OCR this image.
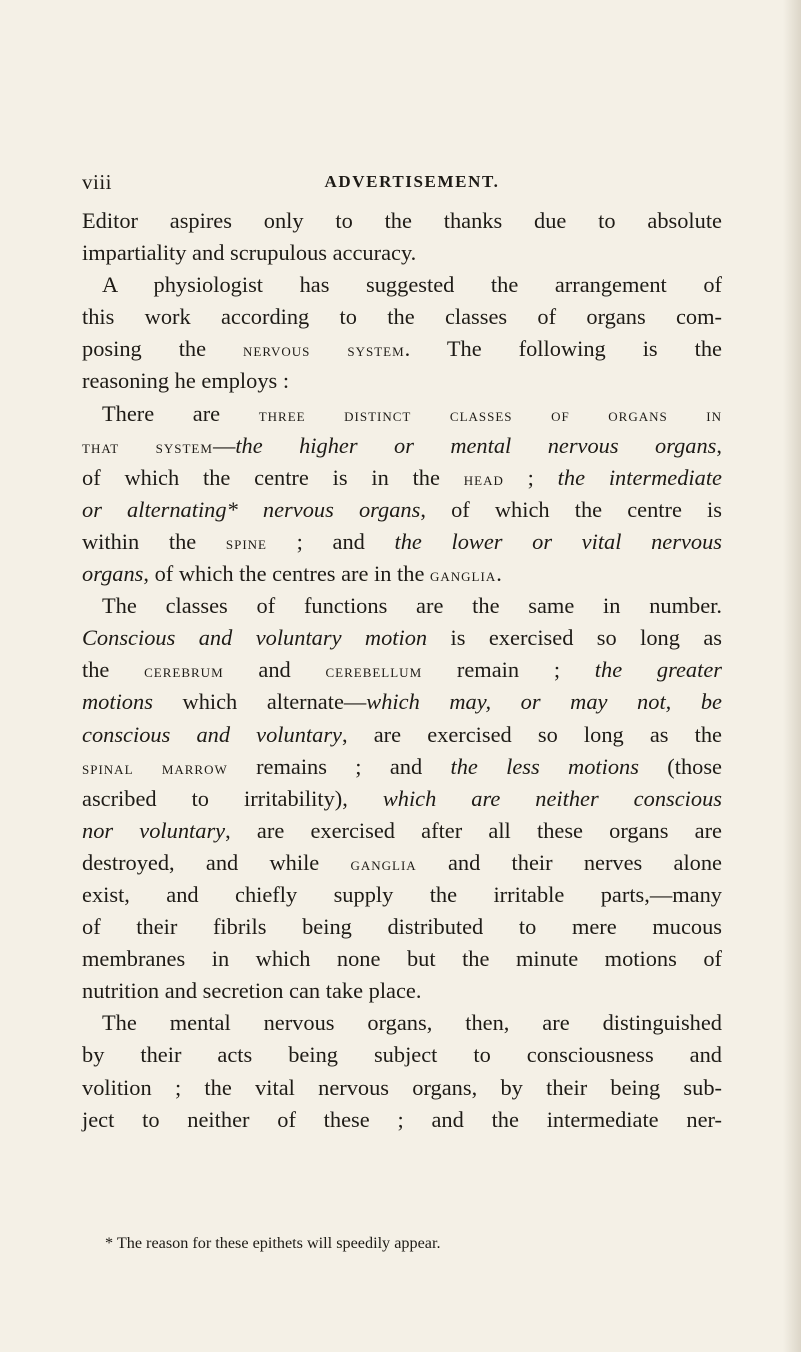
viii	ADVERTISEMENT.
Editor aspires only to the thanks due to absolute
impartiality and scrupulous accuracy.
A physiologist has suggested the arrangement of
this work according to the classes of organs com-
posing the nervous system. The following is the
reasoning he employs :
There are three distinct classes of organs in
that system—the higher or mental nervous organs,
of which the centre is in the head ; the intermediate
or alternating* nervous organs, of which the centre is
within the spine ; and the lower or vital nervous
organs, of which the centres are in the ganglia.
The classes of functions are the same in number.
Conscious and voluntary motion is exercised so long as
the cerebrum and cerebellum remain ; the greater
motions which alternate—which may, or may not, be
conscious and voluntary, are exercised so long as the
spinal marrow remains ; and the less motions (those
ascribed to irritability), which are neither conscious
nor voluntary, are exercised after all these organs are
destroyed, and while ganglia and their nerves alone
exist, and chiefly supply the irritable parts,—many
of their fibrils being distributed to mere mucous
membranes in which none but the minute motions of
nutrition and secretion can take place.
The mental nervous organs, then, are distinguished
by their acts being subject to consciousness and
volition ; the vital nervous organs, by their being sub-
ject to neither of these ; and the intermediate ner-
* The reason for these epithets will speedily appear.
